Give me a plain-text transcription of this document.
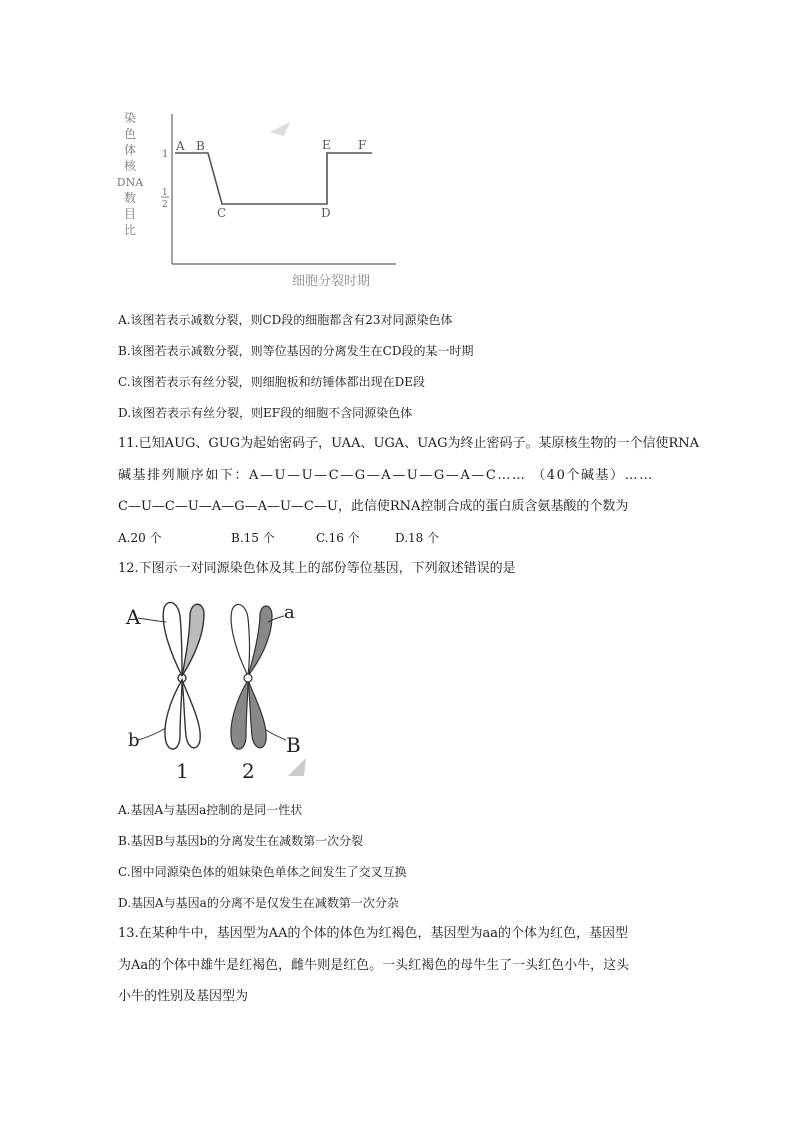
染
色
体
核
DNA
数
目
比
1
1
2
A B
C	D
E F
细胞分裂时期
A.该图若表示减数分裂，则CD段的细胞都含有23对同源染色体
B.该图若表示减数分裂，则等位基因的分离发生在CD段的某一时期
C.该图若表示有丝分裂，则细胞板和纺锤体都出现在DE段
D.该图若表示有丝分裂，则EF段的细胞不含同源染色体
11.已知AUG、GUG为起始密码子，UAA、UGA、UAG为终止密码子。某原核生物的一个信使RNA
碱基排列顺序如下：A—U—U—C—G—A—U—G—A—C…… （40个碱基）……
C—U—C—U—A—G—A—U—C—U，此信使RNA控制合成的蛋白质含氨基酸的个数为
A.20 个	B.15 个	C.16 个	D.18 个
12.下图示一对同源染色体及其上的部份等位基因，下列叙述错误的是
A	a
b	B
1	2
A.基因A与基因a控制的是同一性状
B.基因B与基因b的分离发生在减数第一次分裂
C.图中同源染色体的姐妹染色单体之间发生了交叉互换
D.基因A与基因a的分离不是仅发生在减数第一次分杂
13.在某种牛中，基因型为AA的个体的体色为红褐色，基因型为aa的个体为红色，基因型
为Aa的个体中雄牛是红褐色，雌牛则是红色。一头红褐色的母牛生了一头红色小牛，这头
小牛的性别及基因型为
